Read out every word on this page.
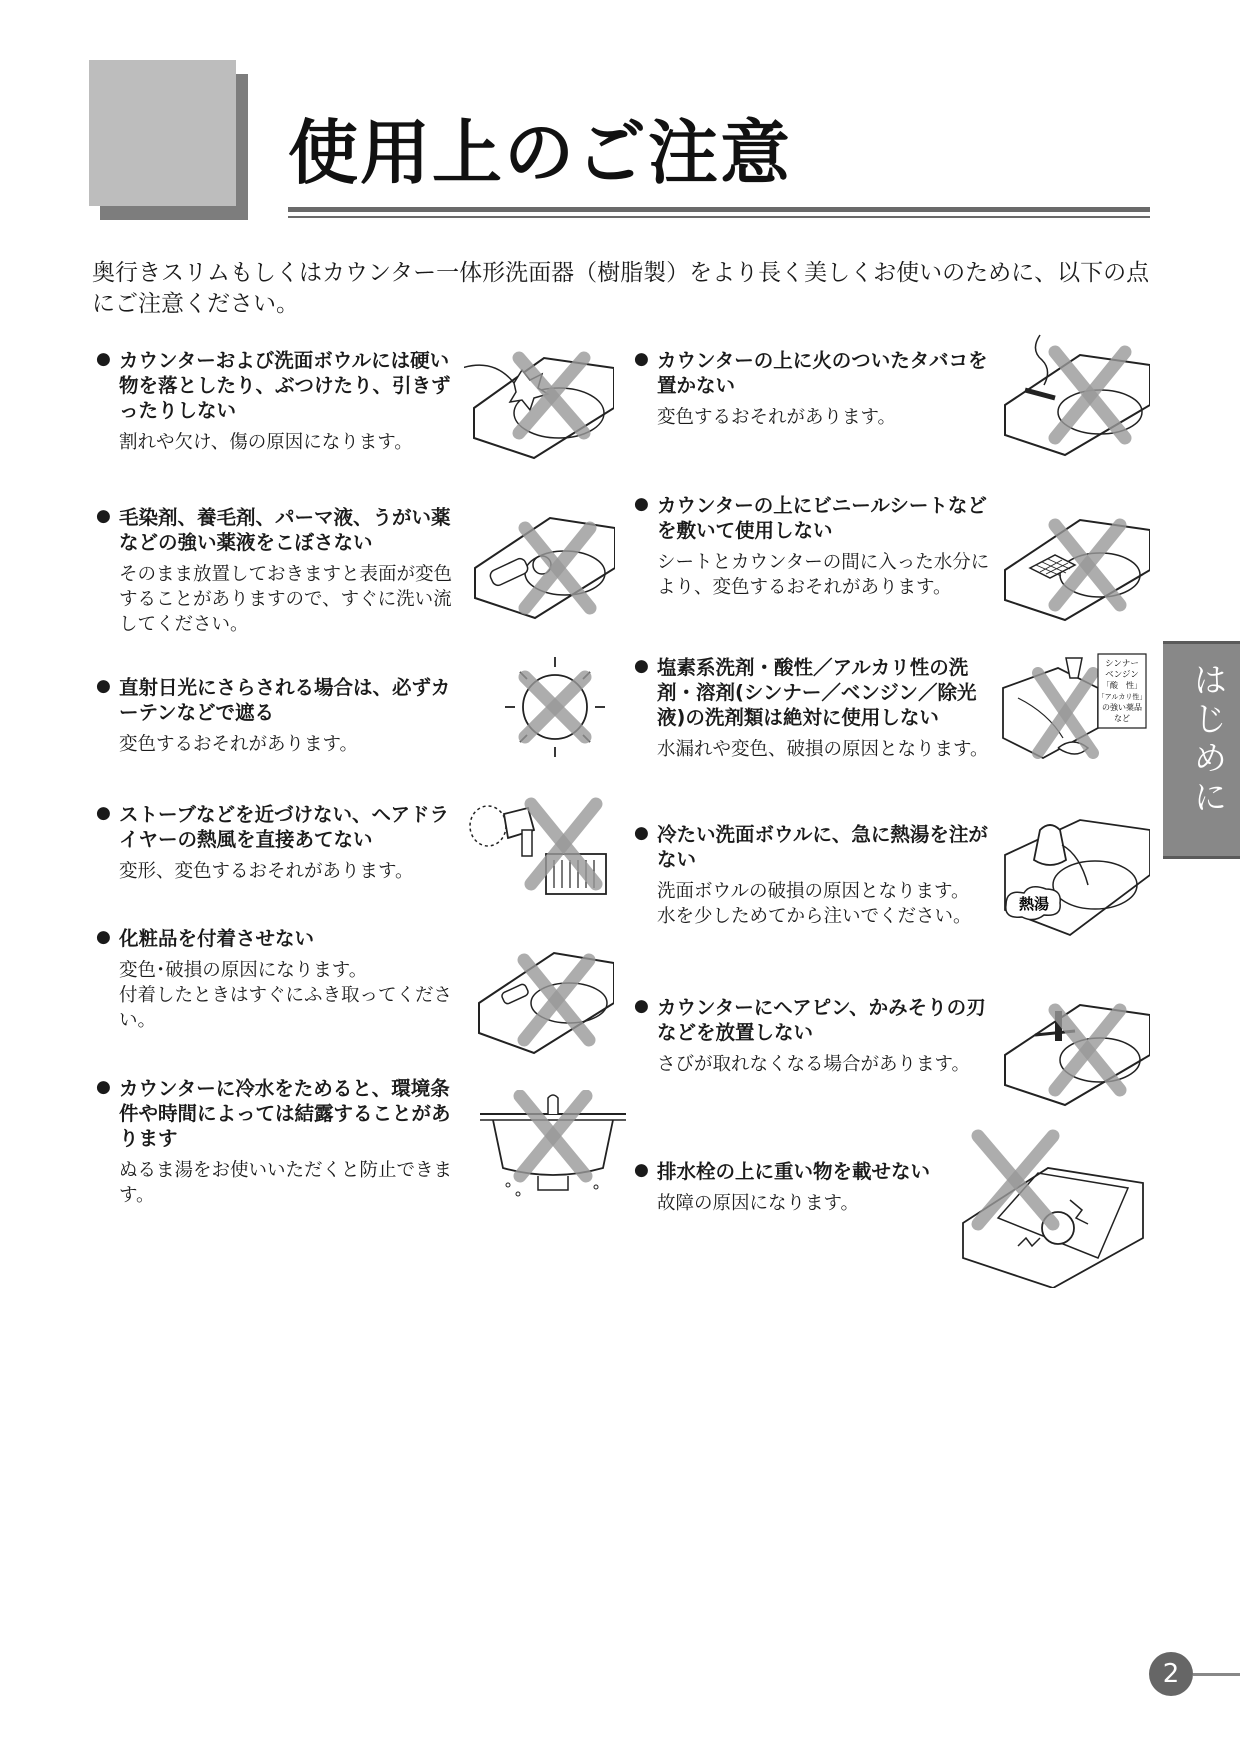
使用上のご注意
奥行きスリムもしくはカウンター一体形洗面器（樹脂製）をより長く美しくお使いのために、以下の点にご注意ください。
● カウンターおよび洗面ボウルには硬い物を落としたり、ぶつけたり、引きずったりしない

割れや欠け、傷の原因になります。

● 毛染剤、養毛剤、パーマ液、うがい薬などの強い薬液をこぼさない

そのまま放置しておきますと表面が変色することがありますので、すぐに洗い流してください。

● 直射日光にさらされる場合は、必ずカーテンなどで遮る

変色するおそれがあります。

● ストーブなどを近づけない、ヘアドライヤーの熱風を直接あてない

変形、変色するおそれがあります。

● 化粧品を付着させない

変色･破損の原因になります。

付着したときはすぐにふき取ってください。

● カウンターに冷水をためると、環境条件や時間によっては結露することがあります

ぬるま湯をお使いいただくと防止できます。

● カウンターの上に火のついたタバコを置かない

変色するおそれがあります。

● カウンターの上にビニールシートなどを敷いて使用しない

シートとカウンターの間に入った水分により、変色するおそれがあります。

● 塩素系洗剤・酸性／アルカリ性の洗剤・溶剤(シンナー／ベンジン／除光液)の洗剤類は絶対に使用しない

水漏れや変色、破損の原因となります。

● 冷たい洗面ボウルに、急に熱湯を注がない

洗面ボウルの破損の原因となります。

水を少しためてから注いでください。

● カウンターにヘアピン、かみそりの刃などを放置しない

さびが取れなくなる場合があります。

● 排水栓の上に重い物を載せない

故障の原因になります。

シンナー
ベンジン
「酸　性」
「アルカリ性」
の強い薬品
など
熱湯
はじめに
2
